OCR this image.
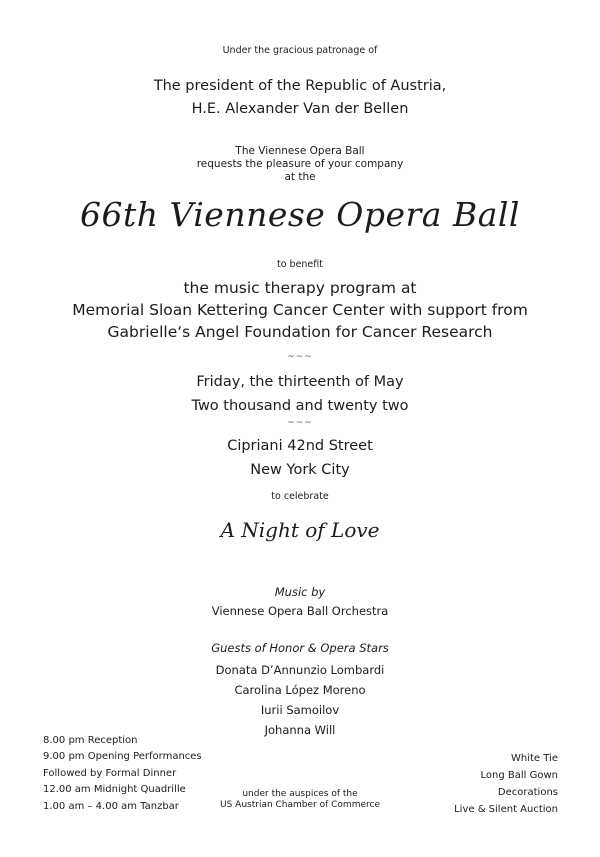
Under the gracious patronage of
The president of the Republic of Austria,
H.E. Alexander Van der Bellen
The Viennese Opera Ball
requests the pleasure of your company
at the
66th Viennese Opera Ball
to benefit
the music therapy program at
Memorial Sloan Kettering Cancer Center with support from
Gabrielle‘s Angel Foundation for Cancer Research
~~~
Friday, the thirteenth of May
Two thousand and twenty two
~~~
Cipriani 42nd Street
New York City
to celebrate
A Night of Love
Music by
Viennese Opera Ball Orchestra
Guests of Honor & Opera Stars
Donata D’Annunzio Lombardi
Carolina López Moreno
Iurii Samoilov
Johanna Will
8.00 pm Reception
9.00 pm Opening Performances
Followed by Formal Dinner
12.00 am Midnight Quadrille
1.00 am – 4.00 am Tanzbar
under the auspices of the
US Austrian Chamber of Commerce
White Tie
Long Ball Gown
Decorations
Live & Silent Auction
